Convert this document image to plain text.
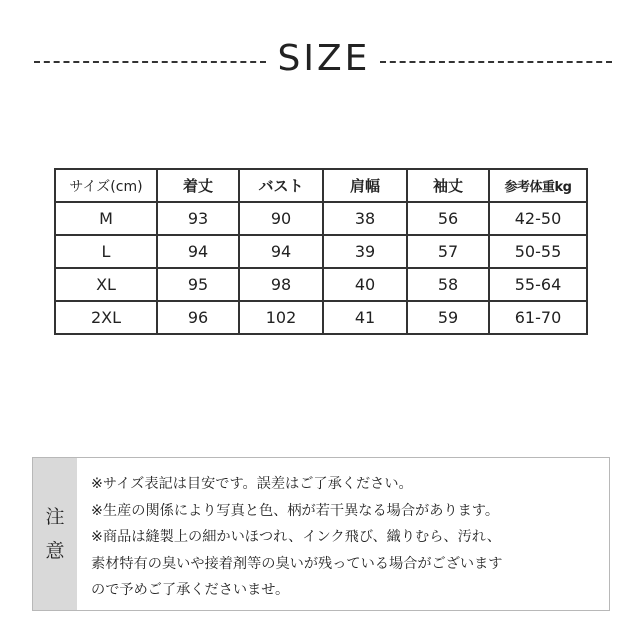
SIZE
サイズ(cm)	着丈	バスト	肩幅	袖丈	参考体重kg
M	93	90	38	56	42-50
L	94	94	39	57	50-55
XL	95	98	40	58	55-64
2XL	96	102	41	59	61-70
注
意
※サイズ表記は目安です。誤差はご了承ください。
※生産の関係により写真と色、柄が若干異なる場合があります。
※商品は縫製上の細かいほつれ、インク飛び、織りむら、汚れ、
素材特有の臭いや接着剤等の臭いが残っている場合がございます
ので予めご了承くださいませ。
